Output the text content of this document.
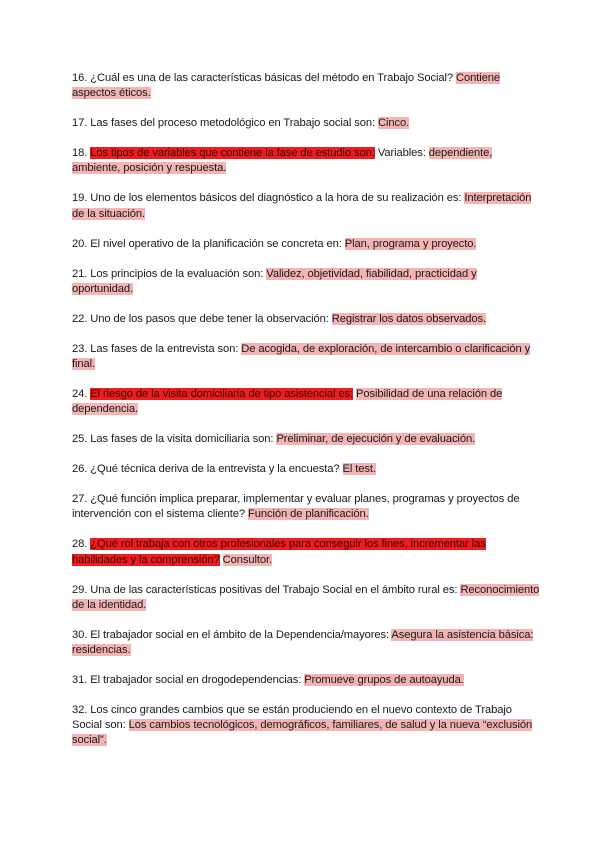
16. ¿Cuál es una de las características básicas del método en Trabajo Social? Contiene aspectos éticos.

17. Las fases del proceso metodológico en Trabajo social son: Cinco.

18. Los tipos de variables que contiene la fase de estudio son: Variables: dependiente, ambiente, posición y respuesta.

19. Uno de los elementos básicos del diagnóstico a la hora de su realización es: Interpretación de la situación.

20. El nivel operativo de la planificación se concreta en: Plan, programa y proyecto.

21. Los principios de la evaluación son: Validez, objetividad, fiabilidad, practicidad y oportunidad.

22. Uno de los pasos que debe tener la observación: Registrar los datos observados.

23. Las fases de la entrevista son: De acogida, de exploración, de intercambio o clarificación y final.

24. El riesgo de la visita domiciliaria de tipo asistencial es: Posibilidad de una relación de dependencia.

25. Las fases de la visita domiciliaria son: Preliminar, de ejecución y de evaluación.

26. ¿Qué técnica deriva de la entrevista y la encuesta? El test.

27. ¿Qué función implica preparar, implementar y evaluar planes, programas y proyectos de intervención con el sistema cliente? Función de planificación.

28. ¿Qué rol trabaja con otros profesionales para conseguir los fines, incrementar las habilidades y la comprensión? Consultor.

29. Una de las características positivas del Trabajo Social en el ámbito rural es: Reconocimiento de la identidad.

30. El trabajador social en el ámbito de la Dependencia/mayores: Asegura la asistencia básica: residencias.

31. El trabajador social en drogodependencias: Promueve grupos de autoayuda.

32. Los cinco grandes cambios que se están produciendo en el nuevo contexto de Trabajo Social son: Los cambios tecnológicos, demográficos, familiares, de salud y la nueva “exclusión social”.
